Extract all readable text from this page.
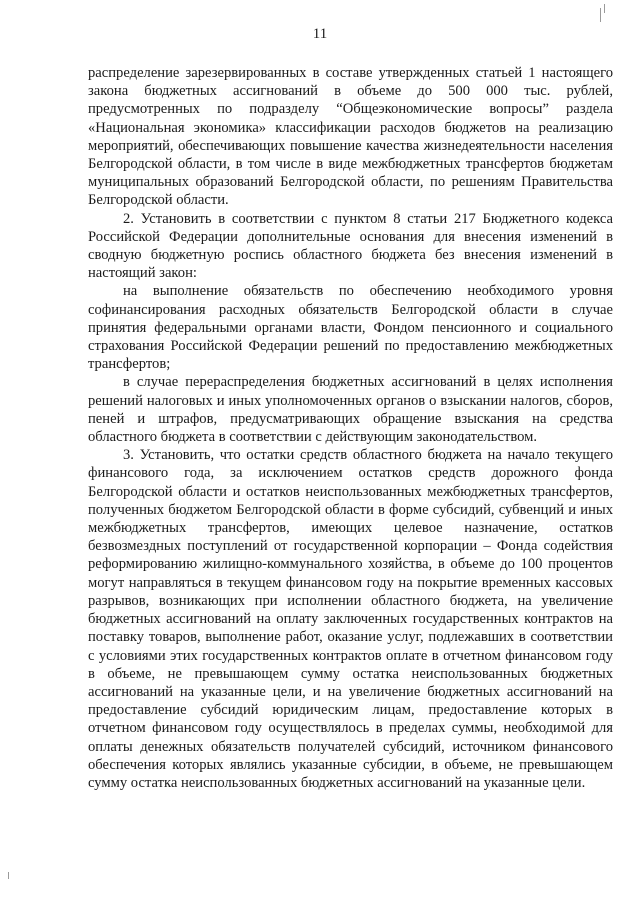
11

распределение зарезервированных в составе утвержденных статьей 1 настоящего закона бюджетных ассигнований в объеме до 500 000 тыс. рублей, предусмотренных по подразделу “Общеэкономические вопросы” раздела «Национальная экономика» классификации расходов бюджетов на реализацию мероприятий, обеспечивающих повышение качества жизнедеятельности населения Белгородской области, в том числе в виде межбюджетных трансфертов бюджетам муниципальных образований Белгородской области, по решениям Правительства Белгородской области.

2. Установить в соответствии с пунктом 8 статьи 217 Бюджетного кодекса Российской Федерации дополнительные основания для внесения изменений в сводную бюджетную роспись областного бюджета без внесения изменений в настоящий закон:

на выполнение обязательств по обеспечению необходимого уровня софинансирования расходных обязательств Белгородской области в случае принятия федеральными органами власти, Фондом пенсионного и социального страхования Российской Федерации решений по предоставлению межбюджетных трансфертов;

в случае перераспределения бюджетных ассигнований в целях исполнения решений налоговых и иных уполномоченных органов о взыскании налогов, сборов, пеней и штрафов, предусматривающих обращение взыскания на средства областного бюджета в соответствии с действующим законодательством.

3. Установить, что остатки средств областного бюджета на начало текущего финансового года, за исключением остатков средств дорожного фонда Белгородской области и остатков неиспользованных межбюджетных трансфертов, полученных бюджетом Белгородской области в форме субсидий, субвенций и иных межбюджетных трансфертов, имеющих целевое назначение, остатков безвозмездных поступлений от государственной корпорации – Фонда содействия реформированию жилищно-коммунального хозяйства, в объеме до 100 процентов могут направляться в текущем финансовом году на покрытие временных кассовых разрывов, возникающих при исполнении областного бюджета, на увеличение бюджетных ассигнований на оплату заключенных государственных контрактов на поставку товаров, выполнение работ, оказание услуг, подлежавших в соответствии с условиями этих государственных контрактов оплате в отчетном финансовом году в объеме, не превышающем сумму остатка неиспользованных бюджетных ассигнований на указанные цели, и на увеличение бюджетных ассигнований на предоставление субсидий юридическим лицам, предоставление которых в отчетном финансовом году осуществлялось в пределах суммы, необходимой для оплаты денежных обязательств получателей субсидий, источником финансового обеспечения которых являлись указанные субсидии, в объеме, не превышающем сумму остатка неиспользованных бюджетных ассигнований на указанные цели.
